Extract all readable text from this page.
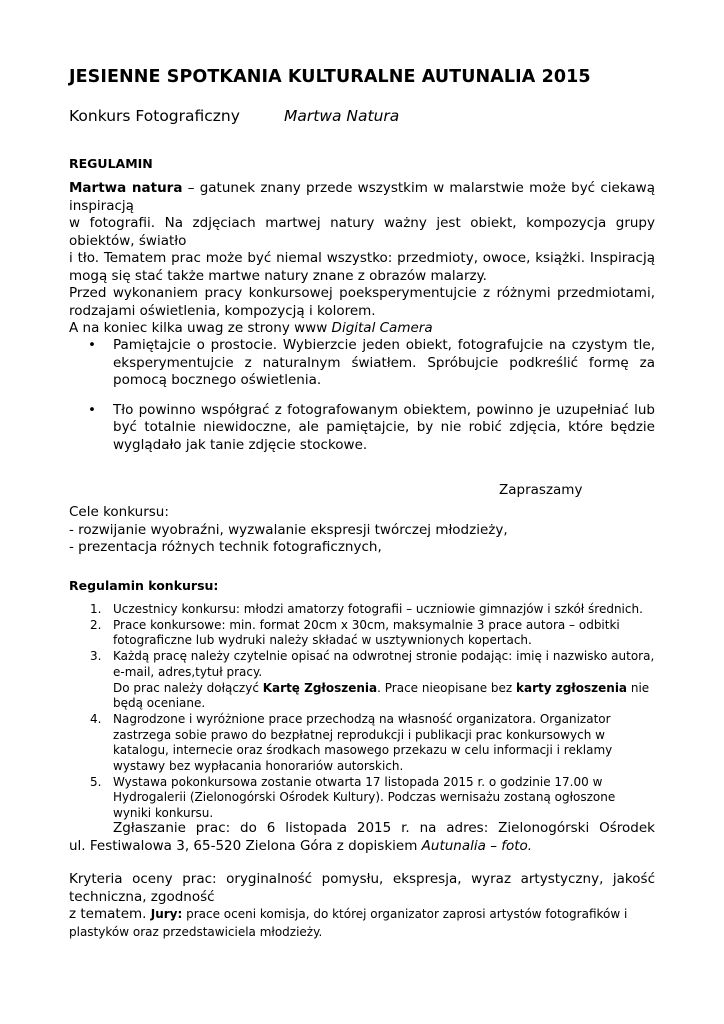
JESIENNE SPOTKANIA KULTURALNE AUTUNALIA 2015
Konkurs Fotograficzny	Martwa Natura
REGULAMIN
Martwa natura – gatunek znany przede wszystkim w malarstwie może być ciekawą
inspiracją
w fotografii. Na zdjęciach martwej natury ważny jest obiekt, kompozycja grupy
obiektów, światło
i tło. Tematem prac może być niemal wszystko: przedmioty, owoce, książki. Inspiracją
mogą się stać także martwe natury znane z obrazów malarzy.
Przed wykonaniem pracy konkursowej poeksperymentujcie z różnymi przedmiotami,
rodzajami oświetlenia, kompozycją i kolorem.
A na koniec kilka uwag ze strony www Digital Camera
• Pamiętajcie o prostocie. Wybierzcie jeden obiekt, fotografujcie na czystym tle, eksperymentujcie z naturalnym światłem. Spróbujcie podkreślić formę za pomocą bocznego oświetlenia.
• Tło powinno współgrać z fotografowanym obiektem, powinno je uzupełniać lub być totalnie niewidoczne, ale pamiętajcie, by nie robić zdjęcia, które będzie wyglądało jak tanie zdjęcie stockowe.
Zapraszamy
Cele konkursu:
- rozwijanie wyobraźni, wyzwalanie ekspresji twórczej młodzieży,
- prezentacja różnych technik fotograficznych,
Regulamin konkursu:
1. Uczestnicy konkursu: młodzi amatorzy fotografii – uczniowie gimnazjów i szkół średnich.
2. Prace konkursowe: min. format 20cm x 30cm, maksymalnie 3 prace autora – odbitki fotograficzne lub wydruki należy składać w usztywnionych kopertach.
3. Każdą pracę należy czytelnie opisać na odwrotnej stronie podając: imię i nazwisko autora, e-mail, adres,tytuł pracy.
Do prac należy dołączyć Kartę Zgłoszenia. Prace nieopisane bez karty zgłoszenia nie będą oceniane.
4. Nagrodzone i wyróżnione prace przechodzą na własność organizatora. Organizator zastrzega sobie prawo do bezpłatnej reprodukcji i publikacji prac konkursowych w katalogu, internecie oraz środkach masowego przekazu w celu informacji i reklamy wystawy bez wypłacania honorariów autorskich.
5. Wystawa pokonkursowa zostanie otwarta 17 listopada 2015 r. o godzinie 17.00 w Hydrogalerii (Zielonogórski Ośrodek Kultury). Podczas wernisażu zostaną ogłoszone wyniki konkursu.
Zgłaszanie prac: do 6 listopada 2015 r. na adres: Zielonogórski Ośrodek
ul. Festiwalowa 3, 65-520 Zielona Góra z dopiskiem Autunalia – foto.
Kryteria oceny prac: oryginalność pomysłu, ekspresja, wyraz artystyczny, jakość
techniczna, zgodność
z tematem. Jury: prace oceni komisja, do której organizator zaprosi artystów fotografików i
plastyków oraz przedstawiciela młodzieży.
